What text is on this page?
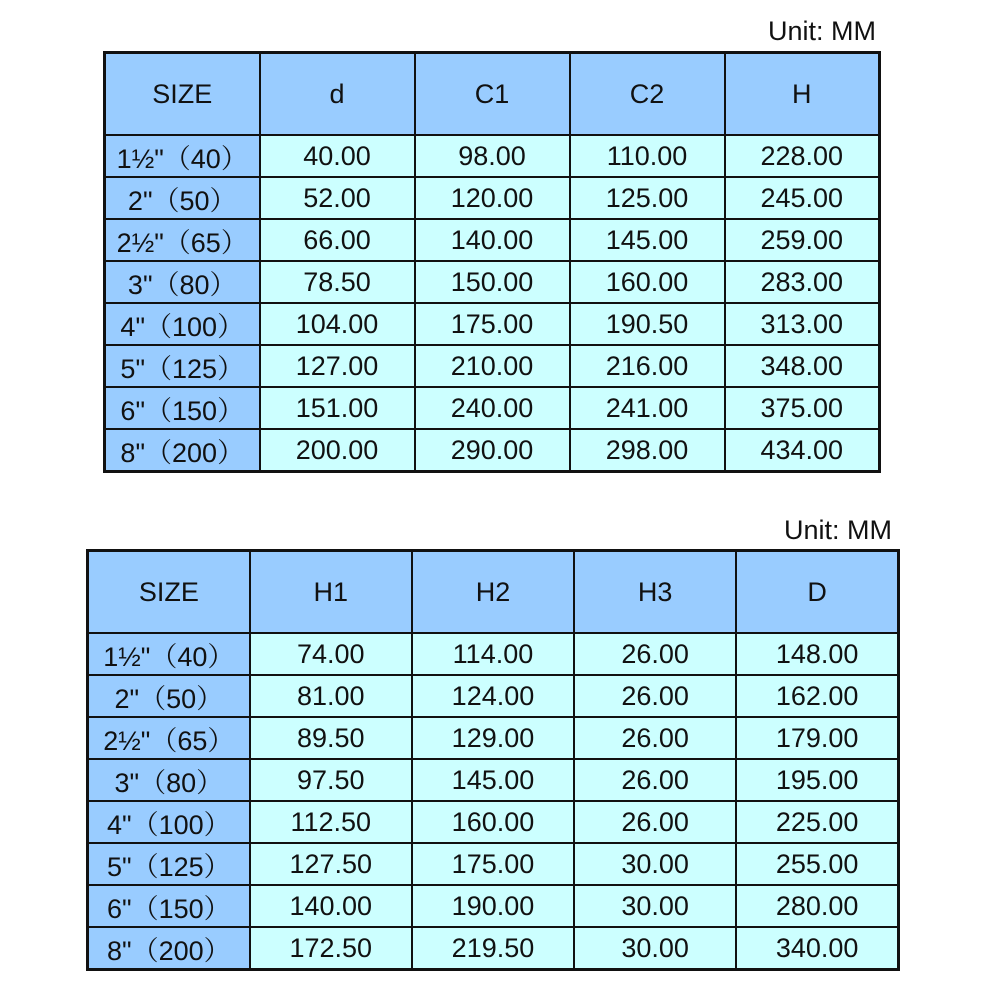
Unit: MM
SIZE	d	C1	C2	H
1½"（40）	40.00	98.00	110.00	228.00
2"（50）	52.00	120.00	125.00	245.00
2½"（65）	66.00	140.00	145.00	259.00
3"（80）	78.50	150.00	160.00	283.00
4"（100）	104.00	175.00	190.50	313.00
5"（125）	127.00	210.00	216.00	348.00
6"（150）	151.00	240.00	241.00	375.00
8"（200）	200.00	290.00	298.00	434.00
Unit: MM
SIZE	H1	H2	H3	D
1½"（40）	74.00	114.00	26.00	148.00
2"（50）	81.00	124.00	26.00	162.00
2½"（65）	89.50	129.00	26.00	179.00
3"（80）	97.50	145.00	26.00	195.00
4"（100）	112.50	160.00	26.00	225.00
5"（125）	127.50	175.00	30.00	255.00
6"（150）	140.00	190.00	30.00	280.00
8"（200）	172.50	219.50	30.00	340.00
